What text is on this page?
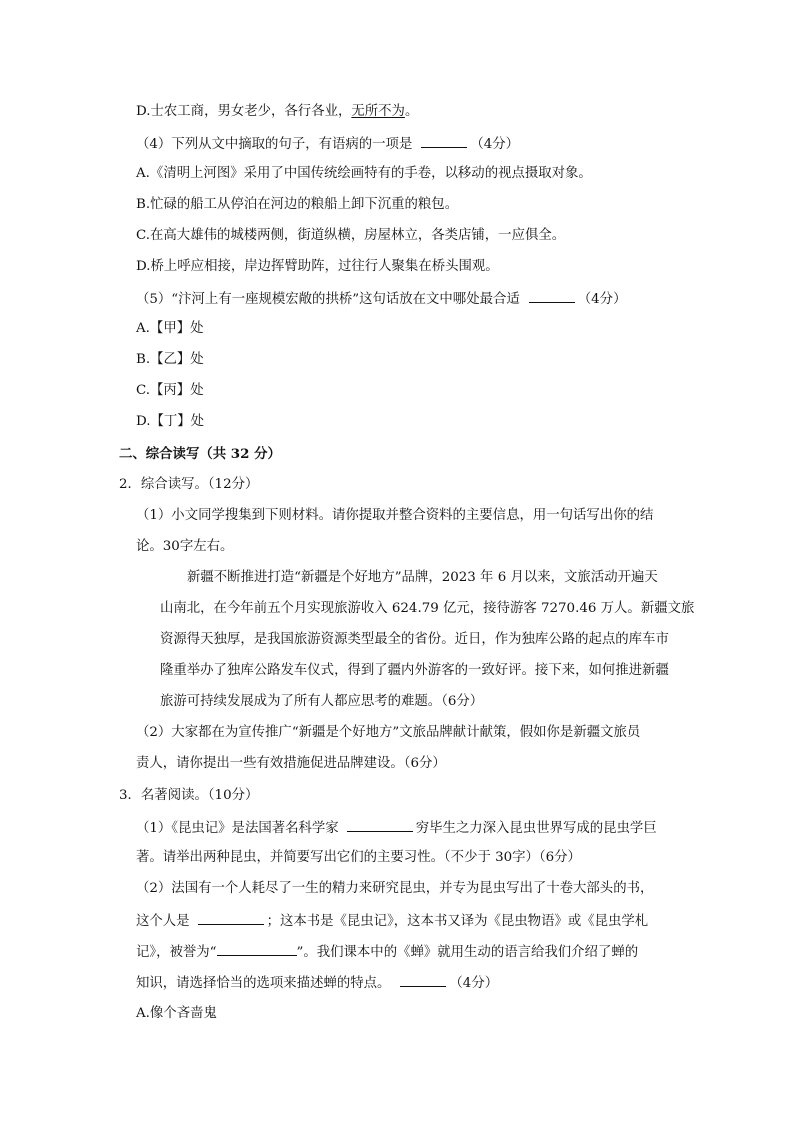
D.士农工商，男女老少，各行各业，无所不为。
（4）下列从文中摘取的句子，有语病的一项是	（4分）
A.《清明上河图》采用了中国传统绘画特有的手卷，以移动的视点摄取对象。
B.忙碌的船工从停泊在河边的粮船上卸下沉重的粮包。
C.在高大雄伟的城楼两侧，街道纵横，房屋林立，各类店铺，一应俱全。
D.桥上呼应相接，岸边挥臂助阵，过往行人聚集在桥头围观。
（5）“汴河上有一座规模宏敞的拱桥”这句话放在文中哪处最合适	（4分）
A.【甲】处
B.【乙】处
C.【丙】处
D.【丁】处
二、综合读写（共 32 分）
2．综合读写。（12分）
（1）小文同学搜集到下则材料。请你提取并整合资料的主要信息，用一句话写出你的结
论。30字左右。
新疆不断推进打造“新疆是个好地方”品牌，2023 年 6 月以来，文旅活动开遍天
山南北，在今年前五个月实现旅游收入 624.79 亿元，接待游客 7270.46 万人。新疆文旅
资源得天独厚，是我国旅游资源类型最全的省份。近日，作为独库公路的起点的库车市
隆重举办了独库公路发车仪式，得到了疆内外游客的一致好评。接下来，如何推进新疆
旅游可持续发展成为了所有人都应思考的难题。（6分）
（2）大家都在为宣传推广“新疆是个好地方”文旅品牌献计献策，假如你是新疆文旅员
责人，请你提出一些有效措施促进品牌建设。（6分）
3．名著阅读。（10分）
（1）《昆虫记》是法国著名科学家	穷毕生之力深入昆虫世界写成的昆虫学巨
著。请举出两种昆虫，并简要写出它们的主要习性。（不少于 30字）（6分）
（2）法国有一个人耗尽了一生的精力来研究昆虫，并专为昆虫写出了十卷大部头的书，
这个人是	；这本书是《昆虫记》，这本书又译为《昆虫物语》或《昆虫学札
记》，被誉为“	”。我们课本中的《蝉》就用生动的语言给我们介绍了蝉的
知识，请选择恰当的选项来描述蝉的特点。	（4分）
A.像个吝啬鬼
